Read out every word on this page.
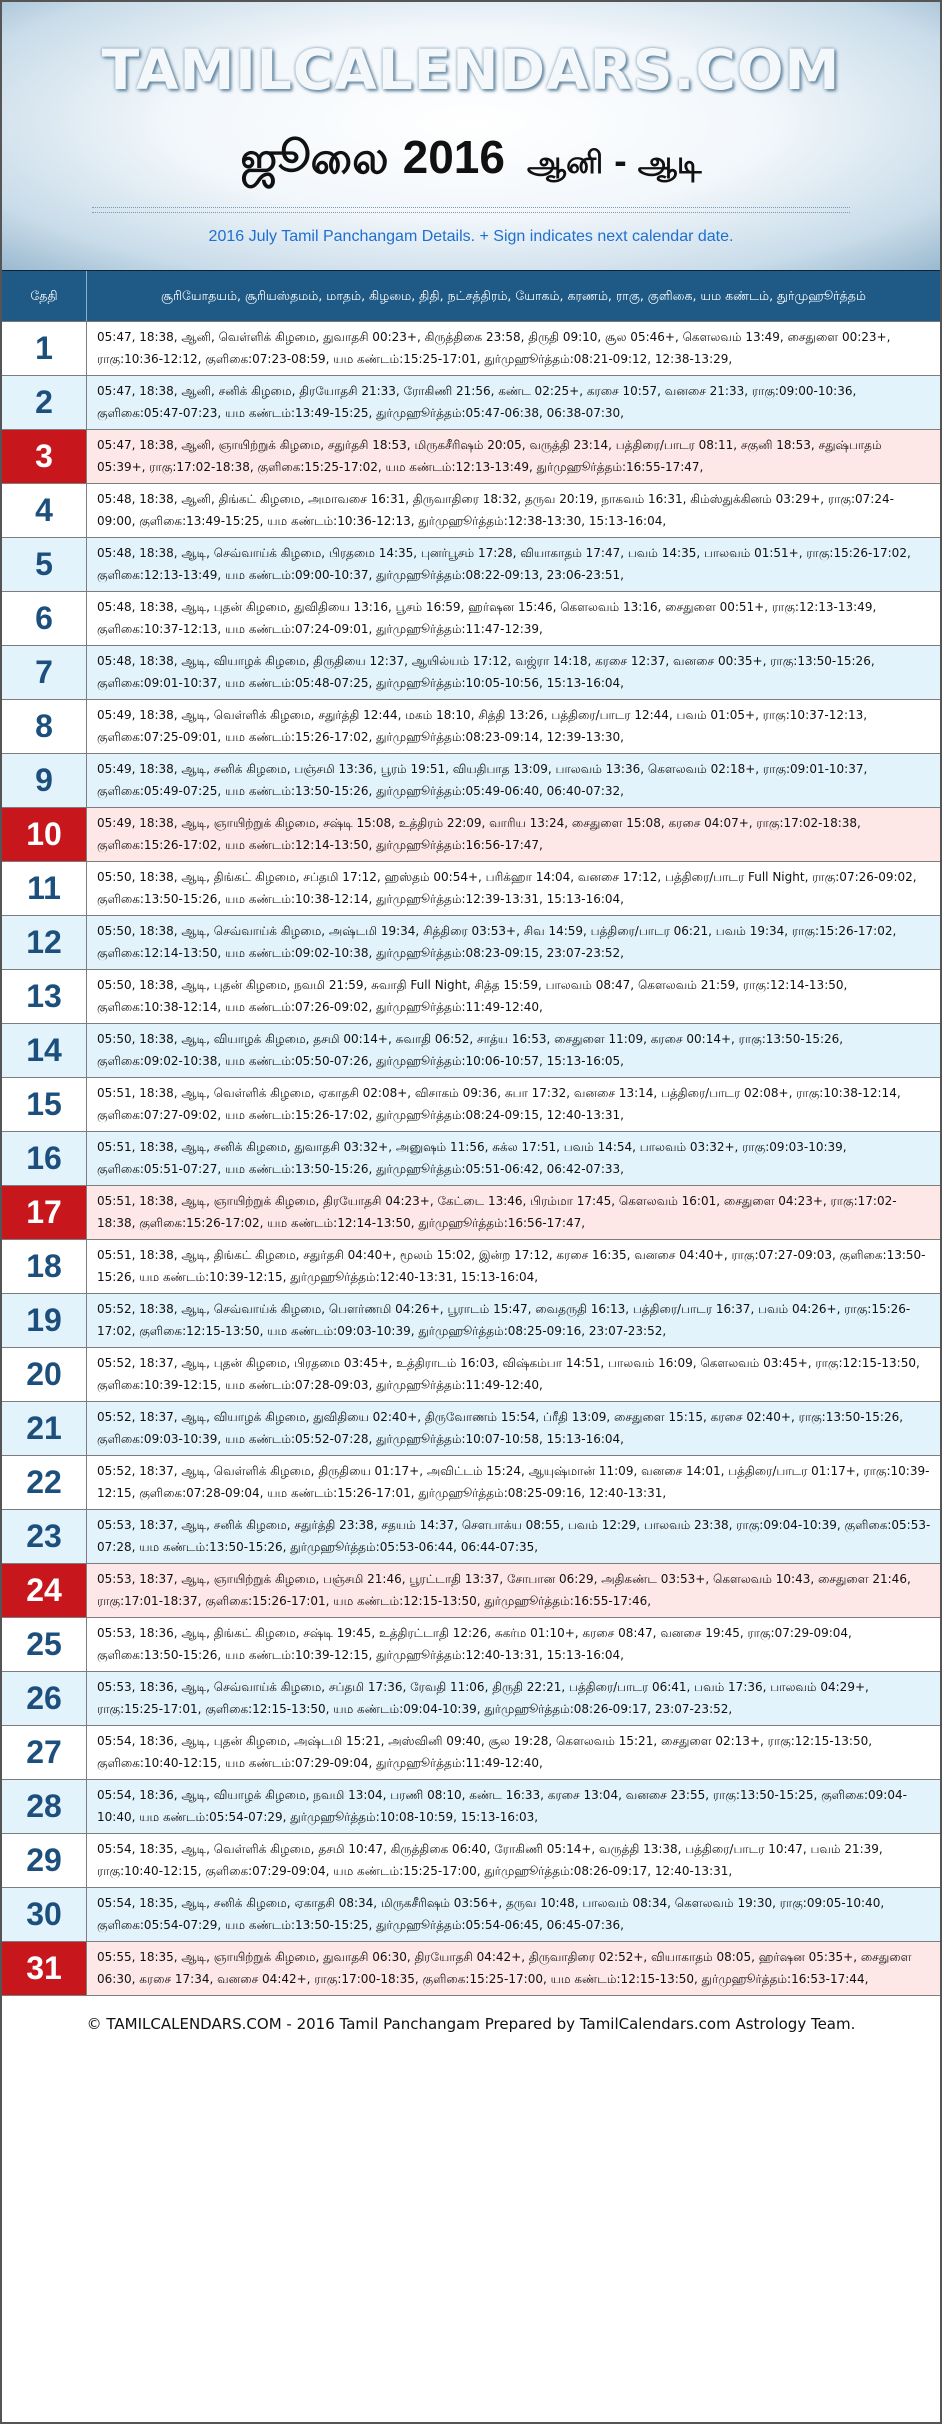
TAMILCALENDARS.COM
ஜூலை 2016 ஆனி - ஆடி
2016 July Tamil Panchangam Details. + Sign indicates next calendar date.
தேதி	சூரியோதயம், சூரியஸ்தமம், மாதம், கிழமை, திதி, நட்சத்திரம், யோகம், கரணம், ராகு, குளிகை, யம கண்டம், துர்முஹூர்த்தம்
1	05:47, 18:38, ஆனி, வெள்ளிக் கிழமை, துவாதசி 00:23+, கிருத்திகை 23:58, திருதி 09:10, சூல 05:46+, கௌலவம் 13:49, சைதுளை 00:23+, ராகு:10:36-12:12, குளிகை:07:23-08:59, யம கண்டம்:15:25-17:01, துர்முஹூர்த்தம்:08:21-09:12, 12:38-13:29,
2	05:47, 18:38, ஆனி, சனிக் கிழமை, திரயோதசி 21:33, ரோகிணி 21:56, கண்ட 02:25+, கரசை 10:57, வனசை 21:33, ராகு:09:00-10:36, குளிகை:05:47-07:23, யம கண்டம்:13:49-15:25, துர்முஹூர்த்தம்:05:47-06:38, 06:38-07:30,
3	05:47, 18:38, ஆனி, ஞாயிற்றுக் கிழமை, சதுர்தசி 18:53, மிருகசீரிஷம் 20:05, வருத்தி 23:14, பத்திரை/பாடர 08:11, சகுனி 18:53, சதுஷ்பாதம் 05:39+, ராகு:17:02-18:38, குளிகை:15:25-17:02, யம கண்டம்:12:13-13:49, துர்முஹூர்த்தம்:16:55-17:47,
4	05:48, 18:38, ஆனி, திங்கட் கிழமை, அமாவசை 16:31, திருவாதிரை 18:32, தருவ 20:19, நாகவம் 16:31, கிம்ஸ்துக்கினம் 03:29+, ராகு:07:24-09:00, குளிகை:13:49-15:25, யம கண்டம்:10:36-12:13, துர்முஹூர்த்தம்:12:38-13:30, 15:13-16:04,
5	05:48, 18:38, ஆடி, செவ்வாய்க் கிழமை, பிரதமை 14:35, புனர்பூசம் 17:28, வியாகாதம் 17:47, பவம் 14:35, பாலவம் 01:51+, ராகு:15:26-17:02, குளிகை:12:13-13:49, யம கண்டம்:09:00-10:37, துர்முஹூர்த்தம்:08:22-09:13, 23:06-23:51,
6	05:48, 18:38, ஆடி, புதன் கிழமை, துவிதியை 13:16, பூசம் 16:59, ஹர்ஷன 15:46, கௌலவம் 13:16, சைதுளை 00:51+, ராகு:12:13-13:49, குளிகை:10:37-12:13, யம கண்டம்:07:24-09:01, துர்முஹூர்த்தம்:11:47-12:39,
7	05:48, 18:38, ஆடி, வியாழக் கிழமை, திருதியை 12:37, ஆயில்யம் 17:12, வஜ்ரா 14:18, கரசை 12:37, வனசை 00:35+, ராகு:13:50-15:26, குளிகை:09:01-10:37, யம கண்டம்:05:48-07:25, துர்முஹூர்த்தம்:10:05-10:56, 15:13-16:04,
8	05:49, 18:38, ஆடி, வெள்ளிக் கிழமை, சதுர்த்தி 12:44, மகம் 18:10, சித்தி 13:26, பத்திரை/பாடர 12:44, பவம் 01:05+, ராகு:10:37-12:13, குளிகை:07:25-09:01, யம கண்டம்:15:26-17:02, துர்முஹூர்த்தம்:08:23-09:14, 12:39-13:30,
9	05:49, 18:38, ஆடி, சனிக் கிழமை, பஞ்சமி 13:36, பூரம் 19:51, வியதிபாத 13:09, பாலவம் 13:36, கௌலவம் 02:18+, ராகு:09:01-10:37, குளிகை:05:49-07:25, யம கண்டம்:13:50-15:26, துர்முஹூர்த்தம்:05:49-06:40, 06:40-07:32,
10	05:49, 18:38, ஆடி, ஞாயிற்றுக் கிழமை, சஷ்டி 15:08, உத்திரம் 22:09, வாரிய 13:24, சைதுளை 15:08, கரசை 04:07+, ராகு:17:02-18:38, குளிகை:15:26-17:02, யம கண்டம்:12:14-13:50, துர்முஹூர்த்தம்:16:56-17:47,
11	05:50, 18:38, ஆடி, திங்கட் கிழமை, சப்தமி 17:12, ஹஸ்தம் 00:54+, பரிக்ஹா 14:04, வனசை 17:12, பத்திரை/பாடர Full Night, ராகு:07:26-09:02, குளிகை:13:50-15:26, யம கண்டம்:10:38-12:14, துர்முஹூர்த்தம்:12:39-13:31, 15:13-16:04,
12	05:50, 18:38, ஆடி, செவ்வாய்க் கிழமை, அஷ்டமி 19:34, சித்திரை 03:53+, சிவ 14:59, பத்திரை/பாடர 06:21, பவம் 19:34, ராகு:15:26-17:02, குளிகை:12:14-13:50, யம கண்டம்:09:02-10:38, துர்முஹூர்த்தம்:08:23-09:15, 23:07-23:52,
13	05:50, 18:38, ஆடி, புதன் கிழமை, நவமி 21:59, சுவாதி Full Night, சித்த 15:59, பாலவம் 08:47, கௌலவம் 21:59, ராகு:12:14-13:50, குளிகை:10:38-12:14, யம கண்டம்:07:26-09:02, துர்முஹூர்த்தம்:11:49-12:40,
14	05:50, 18:38, ஆடி, வியாழக் கிழமை, தசமி 00:14+, சுவாதி 06:52, சாத்ய 16:53, சைதுளை 11:09, கரசை 00:14+, ராகு:13:50-15:26, குளிகை:09:02-10:38, யம கண்டம்:05:50-07:26, துர்முஹூர்த்தம்:10:06-10:57, 15:13-16:05,
15	05:51, 18:38, ஆடி, வெள்ளிக் கிழமை, ஏகாதசி 02:08+, விசாகம் 09:36, சுபா 17:32, வனசை 13:14, பத்திரை/பாடர 02:08+, ராகு:10:38-12:14, குளிகை:07:27-09:02, யம கண்டம்:15:26-17:02, துர்முஹூர்த்தம்:08:24-09:15, 12:40-13:31,
16	05:51, 18:38, ஆடி, சனிக் கிழமை, துவாதசி 03:32+, அனுஷம் 11:56, சுக்ல 17:51, பவம் 14:54, பாலவம் 03:32+, ராகு:09:03-10:39, குளிகை:05:51-07:27, யம கண்டம்:13:50-15:26, துர்முஹூர்த்தம்:05:51-06:42, 06:42-07:33,
17	05:51, 18:38, ஆடி, ஞாயிற்றுக் கிழமை, திரயோதசி 04:23+, கேட்டை 13:46, பிரம்மா 17:45, கௌலவம் 16:01, சைதுளை 04:23+, ராகு:17:02-18:38, குளிகை:15:26-17:02, யம கண்டம்:12:14-13:50, துர்முஹூர்த்தம்:16:56-17:47,
18	05:51, 18:38, ஆடி, திங்கட் கிழமை, சதுர்தசி 04:40+, மூலம் 15:02, இன்ற 17:12, கரசை 16:35, வனசை 04:40+, ராகு:07:27-09:03, குளிகை:13:50-15:26, யம கண்டம்:10:39-12:15, துர்முஹூர்த்தம்:12:40-13:31, 15:13-16:04,
19	05:52, 18:38, ஆடி, செவ்வாய்க் கிழமை, பௌர்ணமி 04:26+, பூராடம் 15:47, வைதருதி 16:13, பத்திரை/பாடர 16:37, பவம் 04:26+, ராகு:15:26-17:02, குளிகை:12:15-13:50, யம கண்டம்:09:03-10:39, துர்முஹூர்த்தம்:08:25-09:16, 23:07-23:52,
20	05:52, 18:37, ஆடி, புதன் கிழமை, பிரதமை 03:45+, உத்திராடம் 16:03, விஷ்கம்பா 14:51, பாலவம் 16:09, கௌலவம் 03:45+, ராகு:12:15-13:50, குளிகை:10:39-12:15, யம கண்டம்:07:28-09:03, துர்முஹூர்த்தம்:11:49-12:40,
21	05:52, 18:37, ஆடி, வியாழக் கிழமை, துவிதியை 02:40+, திருவோணம் 15:54, ப்ரீதி 13:09, சைதுளை 15:15, கரசை 02:40+, ராகு:13:50-15:26, குளிகை:09:03-10:39, யம கண்டம்:05:52-07:28, துர்முஹூர்த்தம்:10:07-10:58, 15:13-16:04,
22	05:52, 18:37, ஆடி, வெள்ளிக் கிழமை, திருதியை 01:17+, அவிட்டம் 15:24, ஆயுஷ்மான் 11:09, வனசை 14:01, பத்திரை/பாடர 01:17+, ராகு:10:39-12:15, குளிகை:07:28-09:04, யம கண்டம்:15:26-17:01, துர்முஹூர்த்தம்:08:25-09:16, 12:40-13:31,
23	05:53, 18:37, ஆடி, சனிக் கிழமை, சதுர்த்தி 23:38, சதயம் 14:37, சௌபாக்ய 08:55, பவம் 12:29, பாலவம் 23:38, ராகு:09:04-10:39, குளிகை:05:53-07:28, யம கண்டம்:13:50-15:26, துர்முஹூர்த்தம்:05:53-06:44, 06:44-07:35,
24	05:53, 18:37, ஆடி, ஞாயிற்றுக் கிழமை, பஞ்சமி 21:46, பூரட்டாதி 13:37, சோபான 06:29, அதிகண்ட 03:53+, கௌலவம் 10:43, சைதுளை 21:46, ராகு:17:01-18:37, குளிகை:15:26-17:01, யம கண்டம்:12:15-13:50, துர்முஹூர்த்தம்:16:55-17:46,
25	05:53, 18:36, ஆடி, திங்கட் கிழமை, சஷ்டி 19:45, உத்திரட்டாதி 12:26, சுகர்ம 01:10+, கரசை 08:47, வனசை 19:45, ராகு:07:29-09:04, குளிகை:13:50-15:26, யம கண்டம்:10:39-12:15, துர்முஹூர்த்தம்:12:40-13:31, 15:13-16:04,
26	05:53, 18:36, ஆடி, செவ்வாய்க் கிழமை, சப்தமி 17:36, ரேவதி 11:06, திருதி 22:21, பத்திரை/பாடர 06:41, பவம் 17:36, பாலவம் 04:29+, ராகு:15:25-17:01, குளிகை:12:15-13:50, யம கண்டம்:09:04-10:39, துர்முஹூர்த்தம்:08:26-09:17, 23:07-23:52,
27	05:54, 18:36, ஆடி, புதன் கிழமை, அஷ்டமி 15:21, அஸ்வினி 09:40, சூல 19:28, கௌலவம் 15:21, சைதுளை 02:13+, ராகு:12:15-13:50, குளிகை:10:40-12:15, யம கண்டம்:07:29-09:04, துர்முஹூர்த்தம்:11:49-12:40,
28	05:54, 18:36, ஆடி, வியாழக் கிழமை, நவமி 13:04, பரணி 08:10, கண்ட 16:33, கரசை 13:04, வனசை 23:55, ராகு:13:50-15:25, குளிகை:09:04-10:40, யம கண்டம்:05:54-07:29, துர்முஹூர்த்தம்:10:08-10:59, 15:13-16:03,
29	05:54, 18:35, ஆடி, வெள்ளிக் கிழமை, தசமி 10:47, கிருத்திகை 06:40, ரோகிணி 05:14+, வருத்தி 13:38, பத்திரை/பாடர 10:47, பவம் 21:39, ராகு:10:40-12:15, குளிகை:07:29-09:04, யம கண்டம்:15:25-17:00, துர்முஹூர்த்தம்:08:26-09:17, 12:40-13:31,
30	05:54, 18:35, ஆடி, சனிக் கிழமை, ஏகாதசி 08:34, மிருகசீரிஷம் 03:56+, தருவ 10:48, பாலவம் 08:34, கௌலவம் 19:30, ராகு:09:05-10:40, குளிகை:05:54-07:29, யம கண்டம்:13:50-15:25, துர்முஹூர்த்தம்:05:54-06:45, 06:45-07:36,
31	05:55, 18:35, ஆடி, ஞாயிற்றுக் கிழமை, துவாதசி 06:30, திரயோதசி 04:42+, திருவாதிரை 02:52+, வியாகாதம் 08:05, ஹர்ஷன 05:35+, சைதுளை 06:30, கரசை 17:34, வனசை 04:42+, ராகு:17:00-18:35, குளிகை:15:25-17:00, யம கண்டம்:12:15-13:50, துர்முஹூர்த்தம்:16:53-17:44,
© TAMILCALENDARS.COM - 2016 Tamil Panchangam Prepared by TamilCalendars.com Astrology Team.
